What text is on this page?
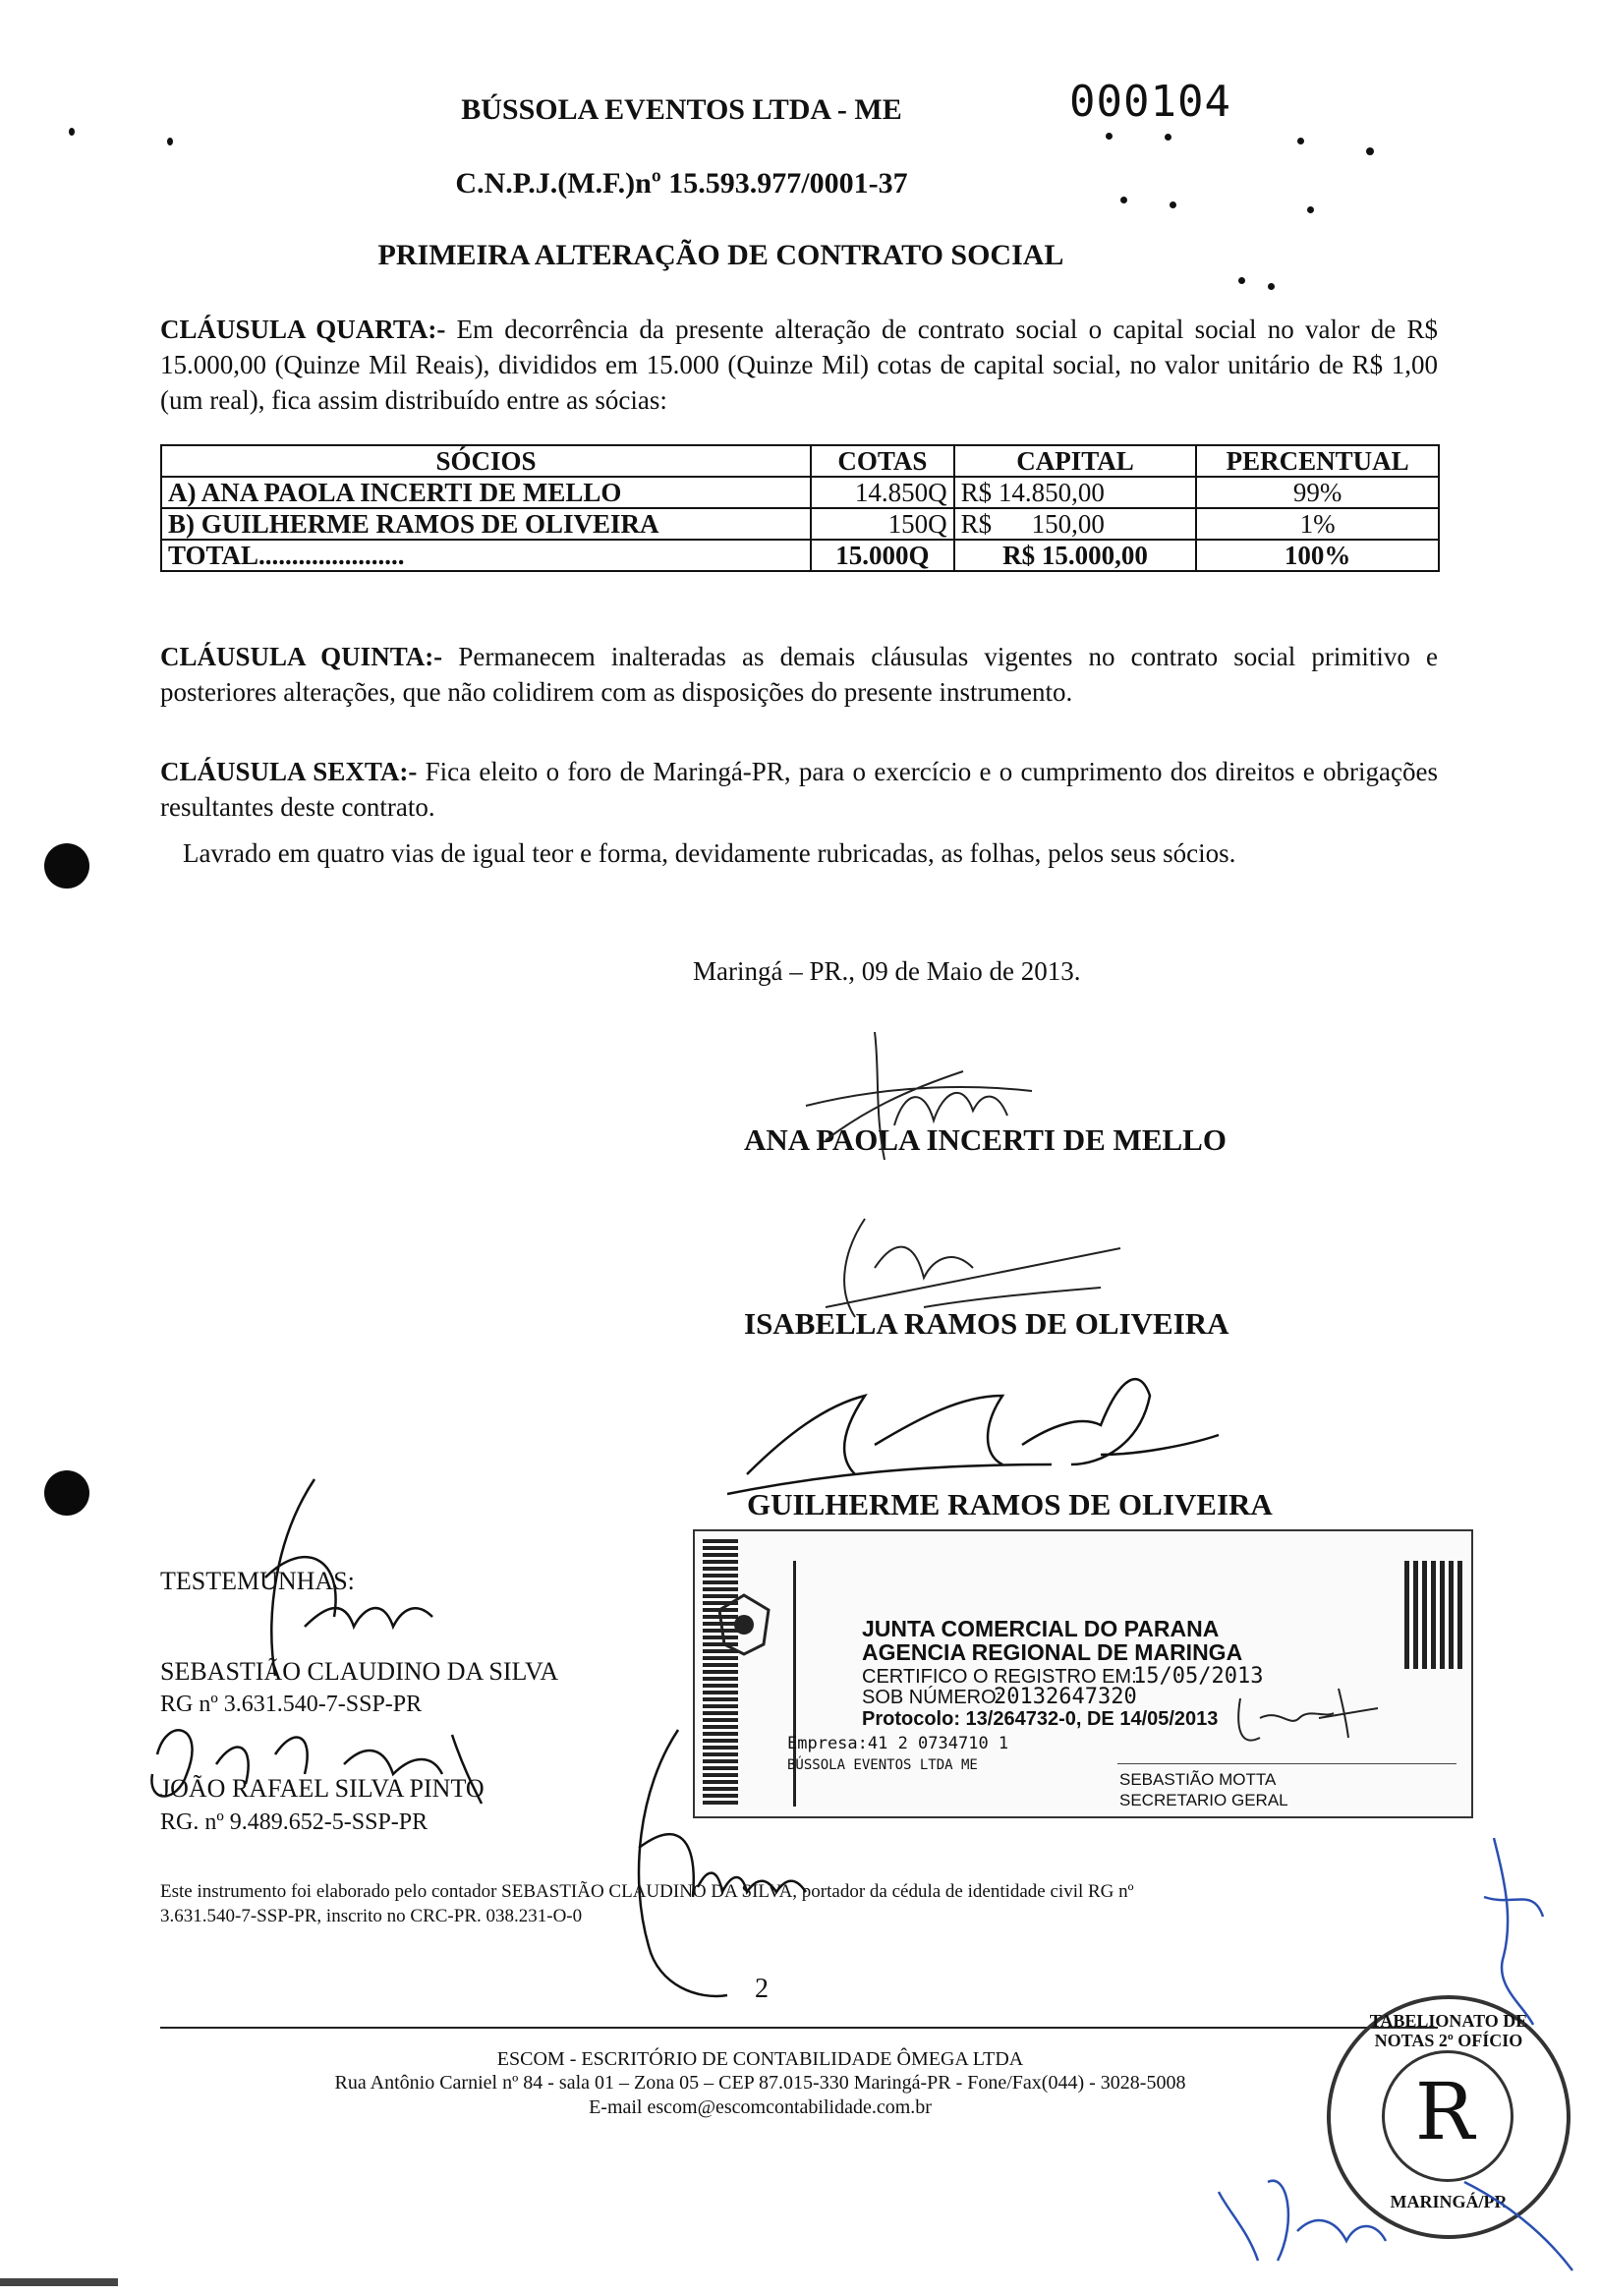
BÚSSOLA EVENTOS LTDA - ME	000104
C.N.P.J.(M.F.)nº 15.593.977/0001-37
PRIMEIRA ALTERAÇÃO DE CONTRATO SOCIAL
CLÁUSULA QUARTA:- Em decorrência da presente alteração de contrato social o capital social no valor de R$ 15.000,00 (Quinze Mil Reais), divididos em 15.000 (Quinze Mil) cotas de capital social, no valor unitário de R$ 1,00 (um real), fica assim distribuído entre as sócias:
SÓCIOS	COTAS	CAPITAL	PERCENTUAL
A) ANA PAOLA INCERTI DE MELLO	14.850Q	R$ 14.850,00	99%
B) GUILHERME RAMOS DE OLIVEIRA	150Q	R$      150,00	1%
TOTAL......................	15.000Q	R$ 15.000,00	100%
CLÁUSULA QUINTA:- Permanecem inalteradas as demais cláusulas vigentes no contrato social primitivo e posteriores alterações, que não colidirem com as disposições do presente instrumento.
CLÁUSULA SEXTA:- Fica eleito o foro de Maringá-PR, para o exercício e o cumprimento dos direitos e obrigações resultantes deste contrato.
Lavrado em quatro vias de igual teor e forma, devidamente rubricadas, as folhas, pelos seus sócios.
Maringá – PR., 09 de Maio de 2013.
ANA PAOLA INCERTI DE MELLO
ISABELLA RAMOS DE OLIVEIRA
GUILHERME RAMOS DE OLIVEIRA
TESTEMUNHAS:
SEBASTIÃO CLAUDINO DA SILVA
RG nº 3.631.540-7-SSP-PR
JOÃO RAFAEL SILVA PINTO
RG. nº 9.489.652-5-SSP-PR
JUNTA COMERCIAL DO PARANA
AGENCIA REGIONAL DE MARINGA
CERTIFICO O REGISTRO EM:
15/05/2013
SOB NÚMERO:
20132647320
Protocolo: 13/264732-0, DE 14/05/2013
Empresa:41 2 0734710 1
BÚSSOLA EVENTOS LTDA ME
SEBASTIÃO MOTTA
SECRETARIO GERAL
Este instrumento foi elaborado pelo contador SEBASTIÃO CLAUDINO DA SILVA, portador da cédula de identidade civil RG nº
3.631.540-7-SSP-PR, inscrito no CRC-PR. 038.231-O-0
2
ESCOM - ESCRITÓRIO DE CONTABILIDADE ÔMEGA LTDA
Rua Antônio Carniel nº 84 - sala 01 – Zona 05 – CEP 87.015-330 Maringá-PR - Fone/Fax(044) - 3028-5008
E-mail escom@escomcontabilidade.com.br
TABELIONATO DE NOTAS 2º OFÍCIO
R
MARINGÁ/PR
